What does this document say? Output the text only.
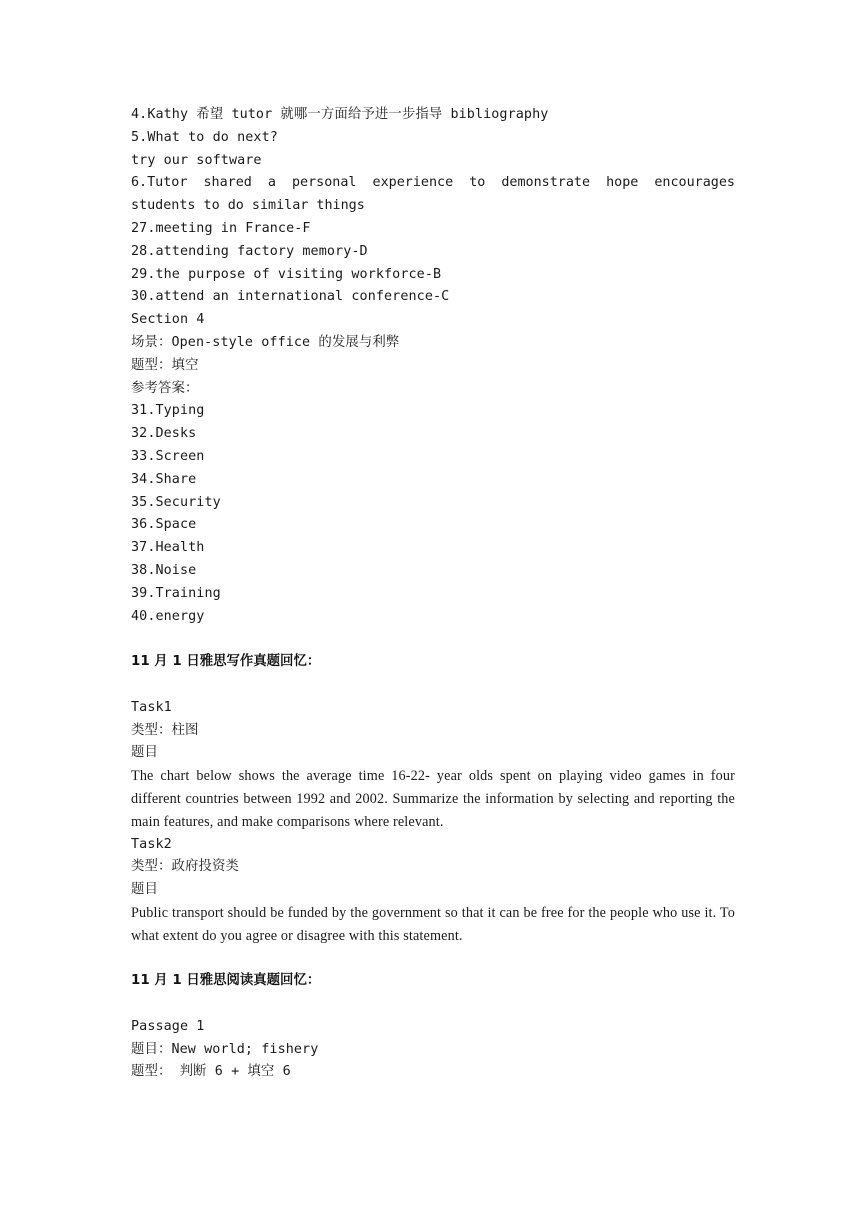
4.Kathy 希望 tutor 就哪一方面给予进一步指导 bibliography
5.What to do next?
try our software
6.Tutor shared a personal experience to demonstrate hope encourages students to do similar things
27.meeting in France-F
28.attending factory memory-D
29.the purpose of visiting workforce-B
30.attend an international conference-C
Section 4
场景：Open-style office 的发展与利弊
题型：填空
参考答案：
31.Typing
32.Desks
33.Screen
34.Share
35.Security
36.Space
37.Health
38.Noise
39.Training
40.energy
11 月 1 日雅思写作真题回忆：
Task1
类型：柱图
题目
The chart below shows the average time 16-22- year olds spent on playing video games in four different countries between 1992 and 2002. Summarize the information by selecting and reporting the main features, and make comparisons where relevant.
Task2
类型：政府投资类
题目
Public transport should be funded by the government so that it can be free for the people who use it. To what extent do you agree or disagree with this statement.
11 月 1 日雅思阅读真题回忆：
Passage 1
题目：New world; fishery
题型： 判断 6 + 填空 6
